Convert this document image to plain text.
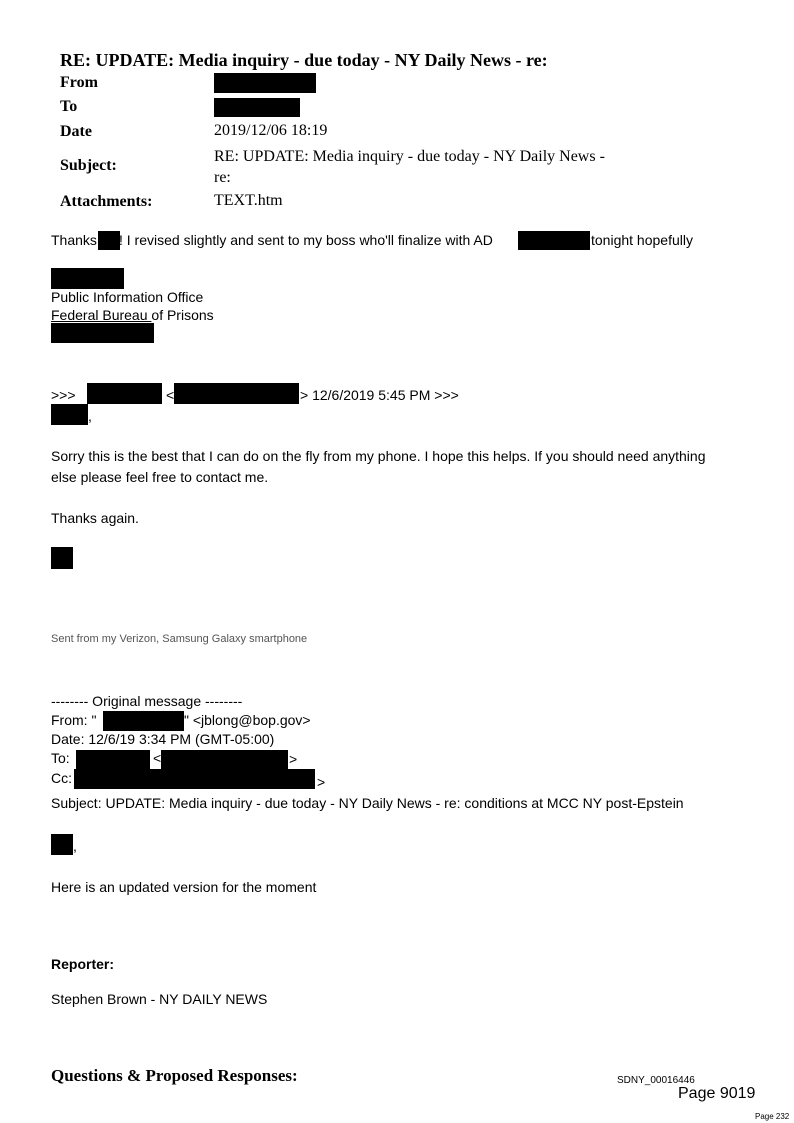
RE: UPDATE: Media inquiry - due today - NY Daily News - re:
From
To
Date	2019/12/06 18:19
Subject:
RE: UPDATE: Media inquiry - due today - NY Daily News -
re:
Attachments:	TEXT.htm
Thanks ! I revised slightly and sent to my boss who'll finalize with AD	tonight hopefully
Public Information Office
Federal Bureau of Prisons
>>>	<	> 12/6/2019 5:45 PM >>>
,
Sorry this is the best that I can do on the fly from my phone. I hope this helps. If you should need anything
else please feel free to contact me.
Thanks again.
Sent from my Verizon, Samsung Galaxy smartphone
-------- Original message --------
From: "	" <jblong@bop.gov>
Date: 12/6/19 3:34 PM (GMT-05:00)
To:	<	>
Cc:	>
Subject: UPDATE: Media inquiry - due today - NY Daily News - re: conditions at MCC NY post-Epstein
,
Here is an updated version for the moment
Reporter:
Stephen Brown - NY DAILY NEWS
Questions & Proposed Responses:	SDNY_00016446
Page 9019
Page 232
